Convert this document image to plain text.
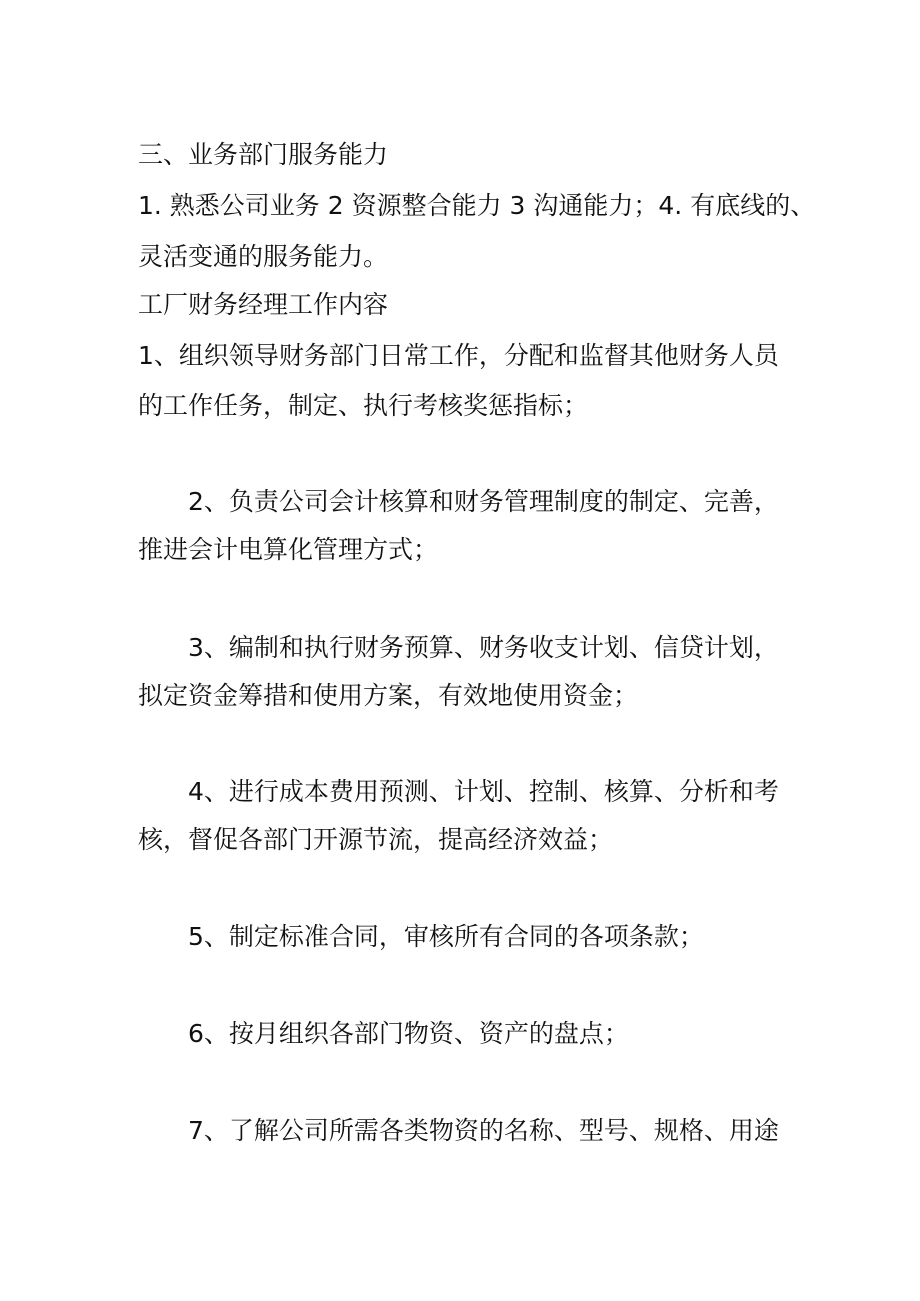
三、业务部门服务能力
1. 熟悉公司业务 2 资源整合能力 3 沟通能力；4. 有底线的、
灵活变通的服务能力。
工厂财务经理工作内容
1、组织领导财务部门日常工作，分配和监督其他财务人员
的工作任务，制定、执行考核奖惩指标；
2、负责公司会计核算和财务管理制度的制定、完善，
推进会计电算化管理方式；
3、编制和执行财务预算、财务收支计划、信贷计划，
拟定资金筹措和使用方案，有效地使用资金；
4、进行成本费用预测、计划、控制、核算、分析和考
核，督促各部门开源节流，提高经济效益；
5、制定标准合同，审核所有合同的各项条款；
6、按月组织各部门物资、资产的盘点；
7、了解公司所需各类物资的名称、型号、规格、用途
